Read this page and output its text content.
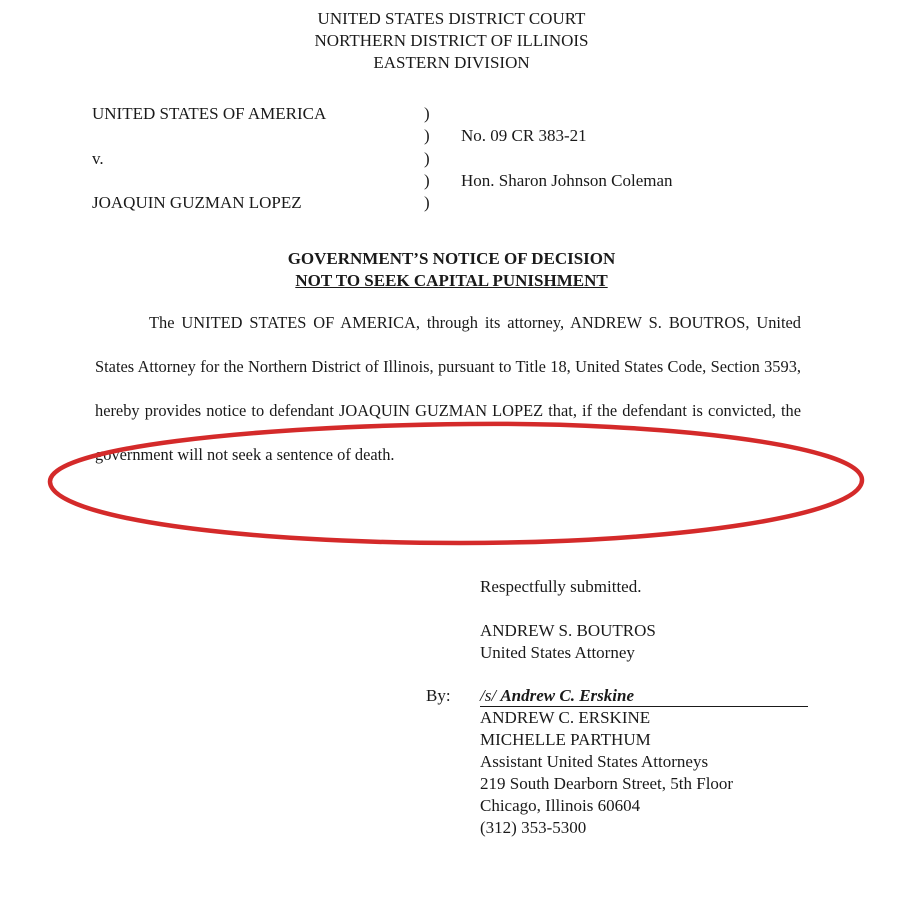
UNITED STATES DISTRICT COURT
NORTHERN DISTRICT OF ILLINOIS
EASTERN DIVISION
UNITED STATES OF AMERICA
v.
JOAQUIN GUZMAN LOPEZ
)
)
)
)
)
No. 09 CR 383-21
Hon. Sharon Johnson Coleman
GOVERNMENT’S NOTICE OF DECISION
NOT TO SEEK CAPITAL PUNISHMENT
The UNITED STATES OF AMERICA, through its attorney, ANDREW S. BOUTROS, United States Attorney for the Northern District of Illinois, pursuant to Title 18, United States Code, Section 3593, hereby provides notice to defendant JOAQUIN GUZMAN LOPEZ that, if the defendant is convicted, the government will not seek a sentence of death.
Respectfully submitted.
ANDREW S. BOUTROS
United States Attorney
By: /s/ Andrew C. Erskine
ANDREW C. ERSKINE
MICHELLE PARTHUM
Assistant United States Attorneys
219 South Dearborn Street, 5th Floor
Chicago, Illinois 60604
(312) 353-5300
